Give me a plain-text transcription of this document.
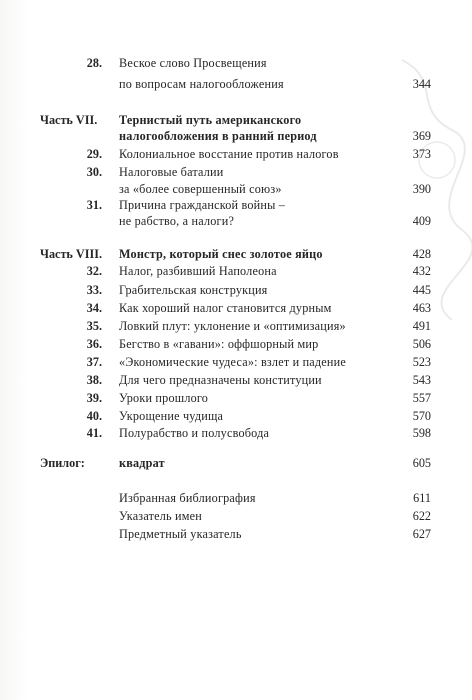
28. Веское слово Просвещения
по вопросам налогообложения	344
Часть VII.	Тернистый путь американского
налогообложения в ранний период	369
29. Колониальное восстание против налогов	373
30. Налоговые баталии
за «более совершенный союз»	390
31. Причина гражданской войны –
не рабство, а налоги?	409
Часть VIII.	Монстр, который снес золотое яйцо	428
32. Налог, разбивший Наполеона	432
33. Грабительская конструкция	445
34. Как хороший налог становится дурным	463
35. Ловкий плут: уклонение и «оптимизация»	491
36. Бегство в «гавани»: оффшорный мир	506
37. «Экономические чудеса»: взлет и падение	523
38. Для чего предназначены конституции	543
39. Уроки прошлого	557
40. Укрощение чудища	570
41. Полурабство и полусвобода	598
Эпилог:	квадрат	605
Избранная библиография	611
Указатель имен	622
Предметный указатель	627
